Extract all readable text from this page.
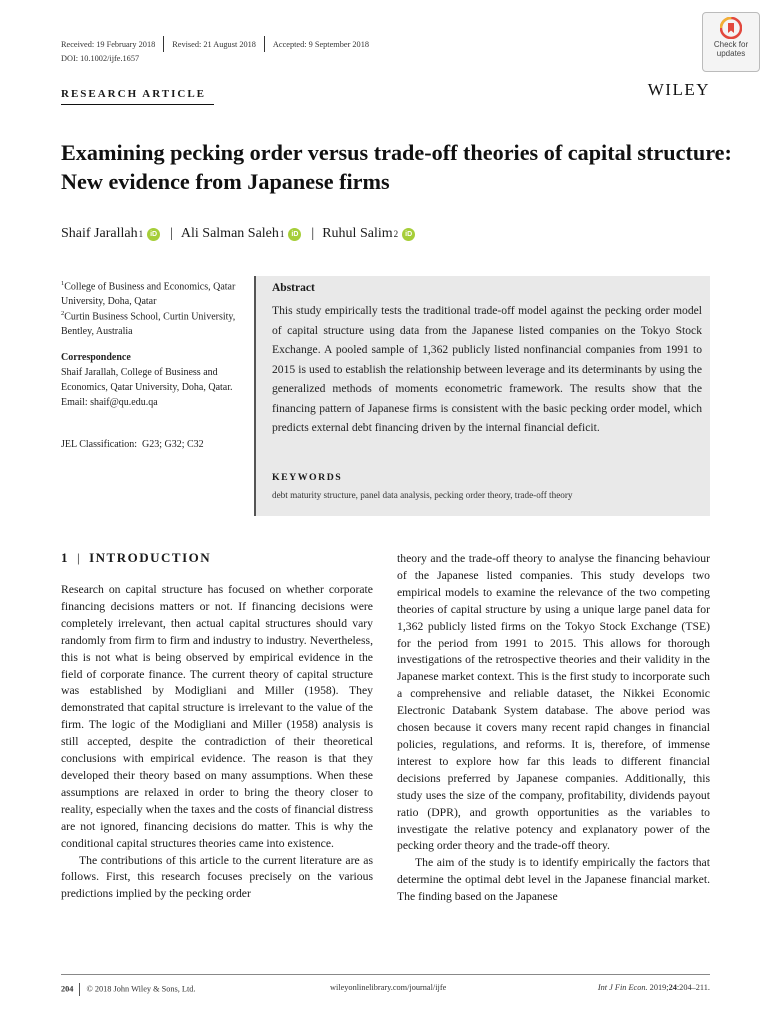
Received: 19 February 2018 Revised: 21 August 2018 Accepted: 9 September 2018
DOI: 10.1002/ijfe.1657
Check for
updates
WILEY
RESEARCH ARTICLE
Examining pecking order versus trade-off theories of capital structure: New evidence from Japanese firms
Shaif Jarallah 1	iD | Ali Salman Saleh 1	iD | Ruhul Salim 2	iD
$^1$College of Business and Economics, Qatar University, Doha, Qatar
$^2$Curtin Business School, Curtin University, Bentley, Australia
Correspondence
Shaif Jarallah, College of Business and Economics, Qatar University, Doha, Qatar.
Email: shaif@qu.edu.qa
JEL Classification:  G23; G32; C32
Abstract

This study empirically tests the traditional trade-off model against the pecking order model of capital structure using data from the Japanese listed companies on the Tokyo Stock Exchange. A pooled sample of 1,362 publicly listed nonfinancial companies from 1991 to 2015 is used to establish the relationship between leverage and its determinants by using the generalized methods of moments econometric framework. The results show that the financing pattern of Japanese firms is consistent with the basic pecking order model, which predicts external debt financing driven by the internal financial deficit.

KEYWORDS
debt maturity structure, panel data analysis, pecking order theory, trade-off theory
1 | INTRODUCTION

Research on capital structure has focused on whether corporate financing decisions matters or not. If financing decisions were completely irrelevant, then actual capital structures should vary randomly from firm to firm and industry to industry. Nevertheless, this is not what is being observed by empirical evidence in the field of corporate finance. The current theory of capital structure was established by Modigliani and Miller (1958). They demonstrated that capital structure is irrelevant to the value of the firm. The logic of the Modigliani and Miller (1958) analysis is still accepted, despite the contradiction of their theoretical conclusions with empirical evidence. The reason is that they developed their theory based on many assumptions. When these assumptions are relaxed in order to bring the theory closer to reality, especially when the taxes and the costs of financial distress are not ignored, financing decisions do matter. This is why the conditional capital structures theories came into existence.

The contributions of this article to the current literature are as follows. First, this research focuses precisely on the various predictions implied by the pecking order

theory and the trade-off theory to analyse the financing behaviour of the Japanese listed companies. This study develops two empirical models to examine the relevance of the two competing theories of capital structure by using a unique large panel data for 1,362 publicly listed firms on the Tokyo Stock Exchange (TSE) for the period from 1991 to 2015. This allows for thorough investigations of the retrospective theories and their validity in the Japanese market context. This is the first study to incorporate such a comprehensive and reliable dataset, the Nikkei Economic Electronic Databank System database. The above period was chosen because it covers many recent rapid changes in financial policies, regulations, and reforms. It is, therefore, of immense interest to explore how far this leads to different financial decisions preferred by Japanese companies. Additionally, this study uses the size of the company, profitability, dividends payout ratio (DPR), and growth opportunities as the variables to investigate the relative potency and explanatory power of the pecking order theory and the trade-off theory.

The aim of the study is to identify empirically the factors that determine the optimal debt level in the Japanese financial market. The finding based on the Japanese

204 © 2018 John Wiley & Sons, Ltd.	wileyonlinelibrary.com/journal/ijfe	Int J Fin Econ. 2019;24:204–211.
